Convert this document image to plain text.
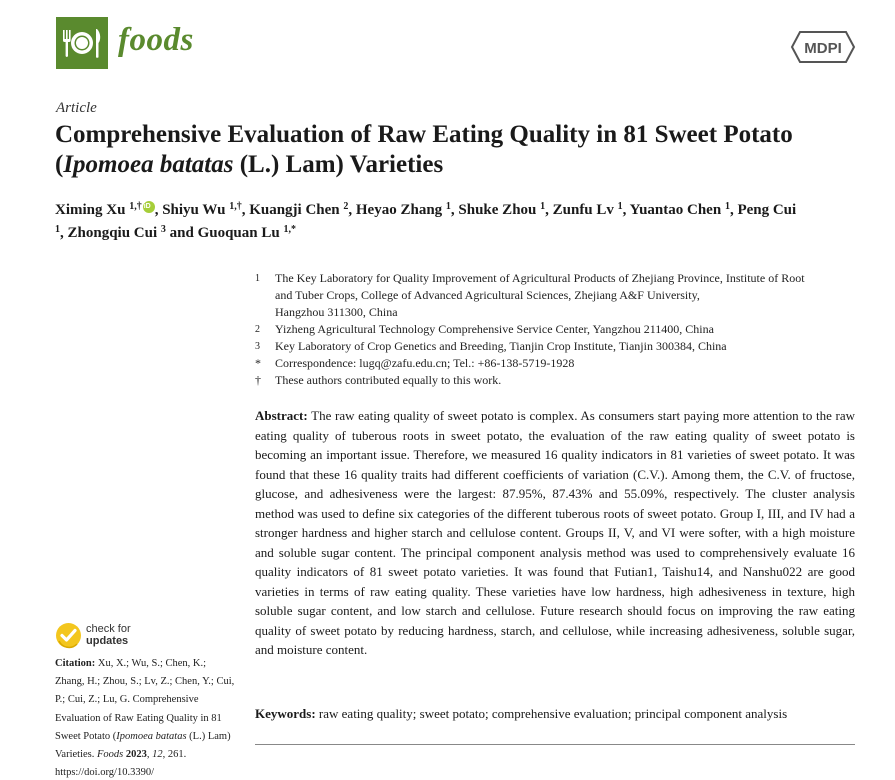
foods	MDPI
Article
Comprehensive Evaluation of Raw Eating Quality in 81 Sweet Potato (Ipomoea batatas (L.) Lam) Varieties
Ximing Xu $^{1,\dagger}$iD , Shiyu Wu $^{1,\dagger}$, Kuangji Chen $^2$, Heyao Zhang $^1$, Shuke Zhou $^1$, Zunfu Lv $^1$, Yuantao Chen $^1$, Peng Cui $^1$, Zhongqiu Cui $^3$ and Guoquan Lu $^{1,*}$
1 The Key Laboratory for Quality Improvement of Agricultural Products of Zhejiang Province, Institute of Root
and Tuber Crops, College of Advanced Agricultural Sciences, Zhejiang A&F University,
Hangzhou 311300, China
2 Yizheng Agricultural Technology Comprehensive Service Center, Yangzhou 211400, China
3 Key Laboratory of Crop Genetics and Breeding, Tianjin Crop Institute, Tianjin 300384, China
* Correspondence: lugq@zafu.edu.cn; Tel.: +86-138-5719-1928
† These authors contributed equally to this work.
Abstract: The raw eating quality of sweet potato is complex. As consumers start paying more attention to the raw eating quality of tuberous roots in sweet potato, the evaluation of the raw eating quality of sweet potato is becoming an important issue. Therefore, we measured 16 quality indicators in 81 varieties of sweet potato. It was found that these 16 quality traits had different coefficients of variation (C.V.). Among them, the C.V. of fructose, glucose, and adhesiveness were the largest: 87.95%, 87.43% and 55.09%, respectively. The cluster analysis method was used to define six categories of the different tuberous roots of sweet potato. Group I, III, and IV had a stronger hardness and higher starch and cellulose content. Groups II, V, and VI were softer, with a high moisture and soluble sugar content. The principal component analysis method was used to comprehensively evaluate 16 quality indicators of 81 sweet potato varieties. It was found that Futian1, Taishu14, and Nanshu022 are good varieties in terms of raw eating quality. These varieties have low hardness, high adhesiveness in texture, high soluble sugar content, and low starch and cellulose. Future research should focus on improving the raw eating quality of sweet potato by reducing hardness, starch, and cellulose, while increasing adhesiveness, soluble sugar, and moisture content.
Keywords: raw eating quality; sweet potato; comprehensive evaluation; principal component analysis
check for
updates
Citation: Xu, X.; Wu, S.; Chen, K.; Zhang, H.; Zhou, S.; Lv, Z.; Chen, Y.; Cui, P.; Cui, Z.; Lu, G. Comprehensive Evaluation of Raw Eating Quality in 81 Sweet Potato (Ipomoea batatas (L.) Lam) Varieties. Foods 2023, 12, 261. https://doi.org/10.3390/
